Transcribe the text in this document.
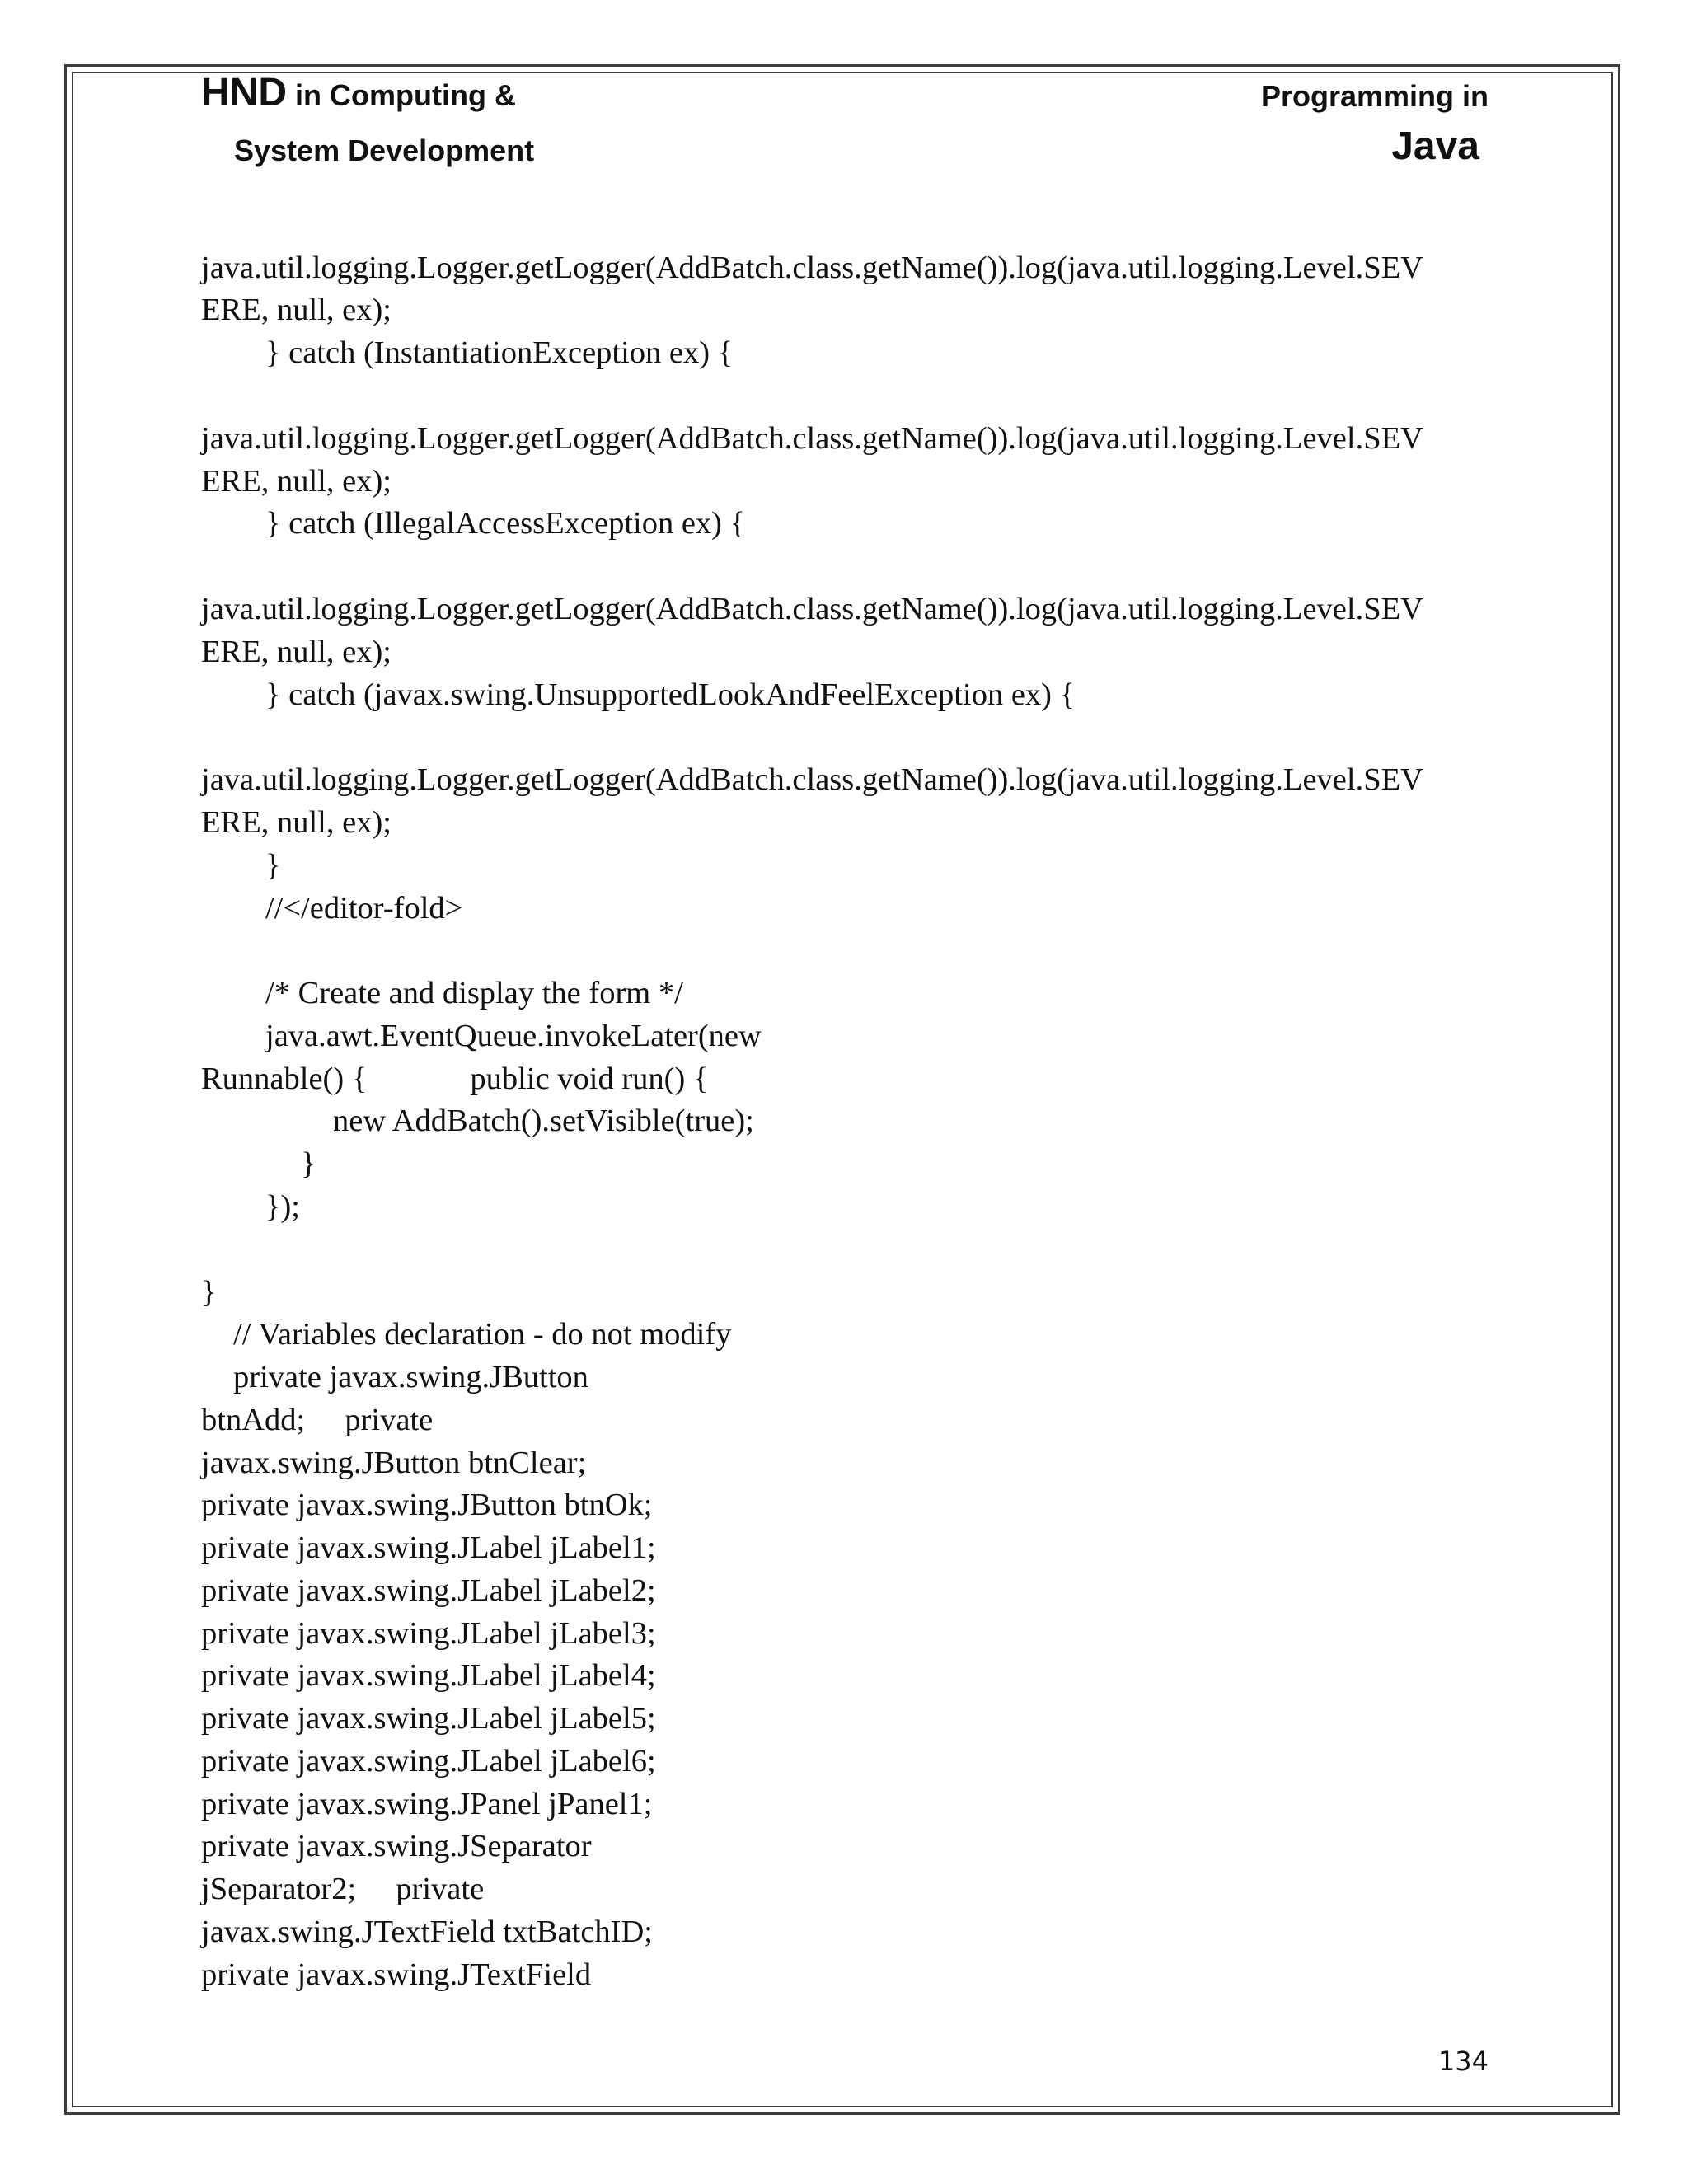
HND in Computing &
System Development
Programming in
Java
java.util.logging.Logger.getLogger(AddBatch.class.getName()).log(java.util.logging.Level.SEV
ERE, null, ex);
} catch (InstantiationException ex) {
java.util.logging.Logger.getLogger(AddBatch.class.getName()).log(java.util.logging.Level.SEV
ERE, null, ex);
} catch (IllegalAccessException ex) {
java.util.logging.Logger.getLogger(AddBatch.class.getName()).log(java.util.logging.Level.SEV
ERE, null, ex);
} catch (javax.swing.UnsupportedLookAndFeelException ex) {
java.util.logging.Logger.getLogger(AddBatch.class.getName()).log(java.util.logging.Level.SEV
ERE, null, ex);
}
//</editor-fold>
/* Create and display the form */
java.awt.EventQueue.invokeLater(new
Runnable() {             public void run() {
new AddBatch().setVisible(true);
}
});
}
// Variables declaration - do not modify
private javax.swing.JButton
btnAdd;     private
javax.swing.JButton btnClear;
private javax.swing.JButton btnOk;
private javax.swing.JLabel jLabel1;
private javax.swing.JLabel jLabel2;
private javax.swing.JLabel jLabel3;
private javax.swing.JLabel jLabel4;
private javax.swing.JLabel jLabel5;
private javax.swing.JLabel jLabel6;
private javax.swing.JPanel jPanel1;
private javax.swing.JSeparator
jSeparator2;     private
javax.swing.JTextField txtBatchID;
private javax.swing.JTextField
134
